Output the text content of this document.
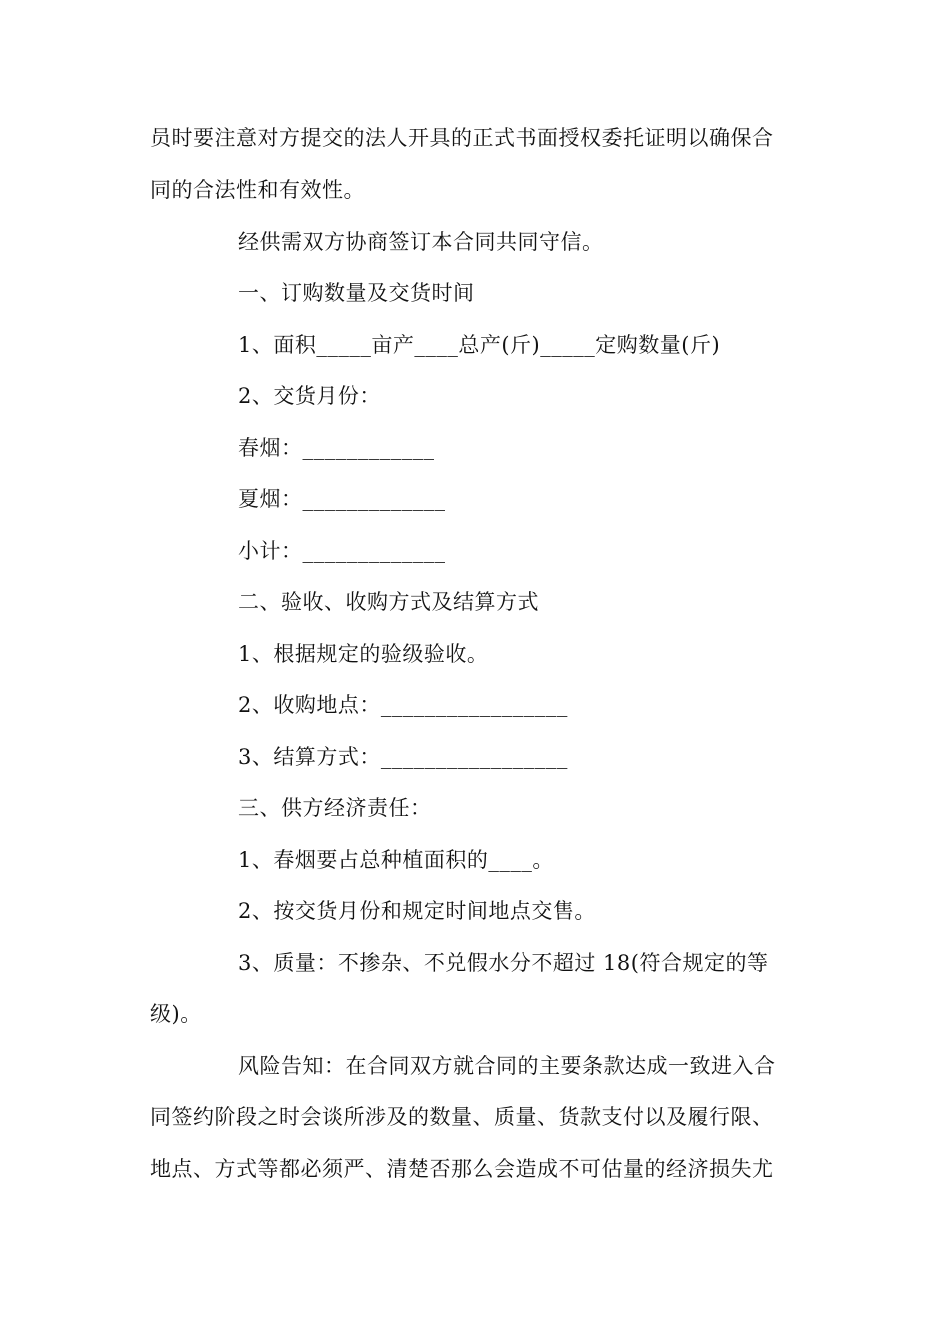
员时要注意对方提交的法人开具的正式书面授权委托证明以确保合
同的合法性和有效性。
经供需双方协商签订本合同共同守信。
一、订购数量及交货时间
1、面积_____亩产____总产(斤)_____定购数量(斤)
2、交货月份：
春烟：____________
夏烟：_____________
小计：_____________
二、验收、收购方式及结算方式
1、根据规定的验级验收。
2、收购地点：_________________
3、结算方式：_________________
三、供方经济责任：
1、春烟要占总种植面积的____。
2、按交货月份和规定时间地点交售。
3、质量：不掺杂、不兑假水分不超过 18(符合规定的等
级)。
风险告知：在合同双方就合同的主要条款达成一致进入合
同签约阶段之时会谈所涉及的数量、质量、货款支付以及履行限、
地点、方式等都必须严、清楚否那么会造成不可估量的经济损失尤
